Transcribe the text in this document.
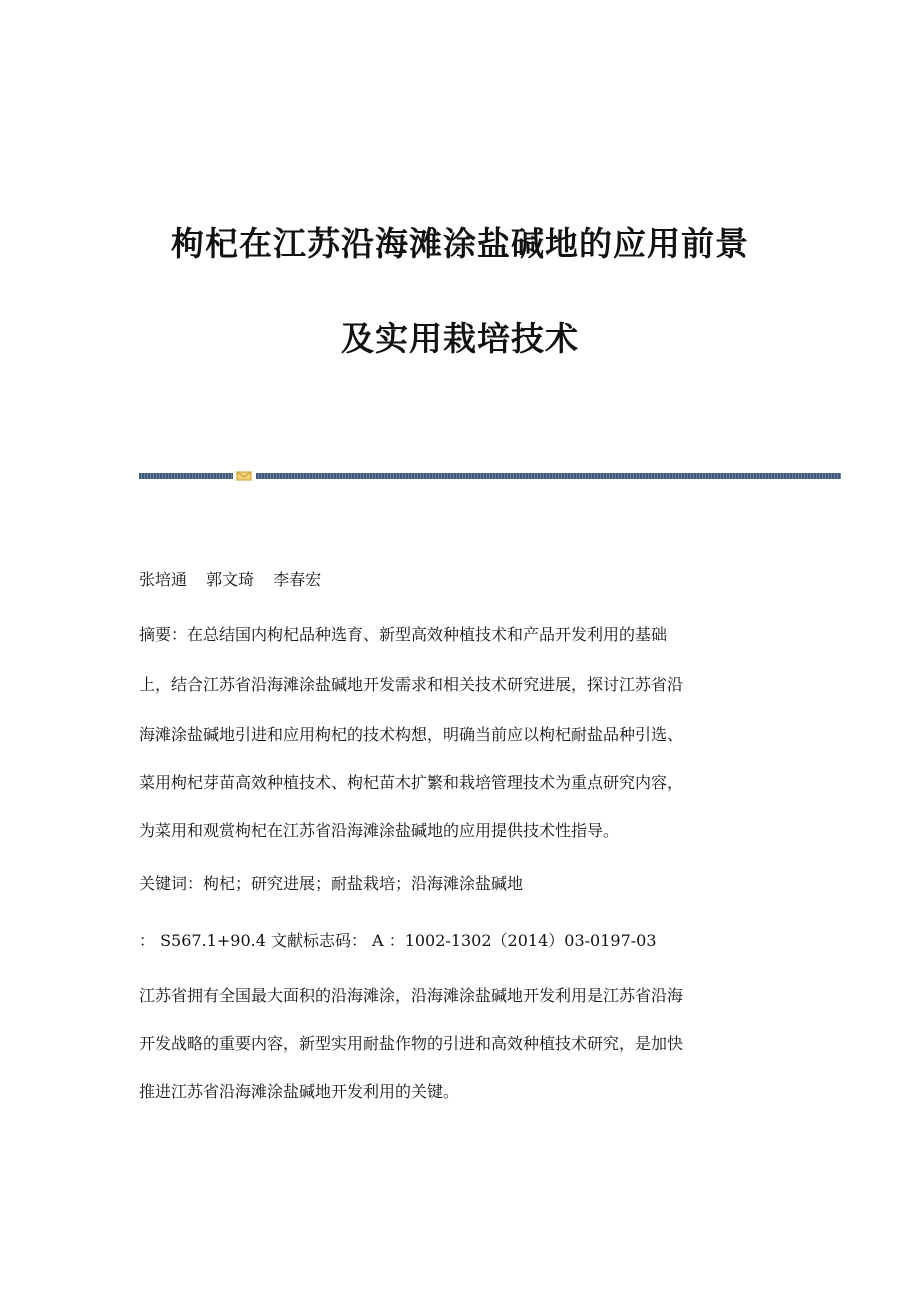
枸杞在江苏沿海滩涂盐碱地的应用前景
及实用栽培技术
张培通 郭文琦 李春宏
摘要：在总结国内枸杞品种选育、新型高效种植技术和产品开发利用的基础
上，结合江苏省沿海滩涂盐碱地开发需求和相关技术研究进展，探讨江苏省沿
海滩涂盐碱地引进和应用枸杞的技术构想，明确当前应以枸杞耐盐品种引选、
菜用枸杞芽苗高效种植技术、枸杞苗木扩繁和栽培管理技术为重点研究内容，
为菜用和观赏枸杞在江苏省沿海滩涂盐碱地的应用提供技术性指导。
关键词：枸杞；研究进展；耐盐栽培；沿海滩涂盐碱地
： S567.1+90.4 文献标志码： A ：1002-1302（2014）03-0197-03
江苏省拥有全国最大面积的沿海滩涂，沿海滩涂盐碱地开发利用是江苏省沿海
开发战略的重要内容，新型实用耐盐作物的引进和高效种植技术研究，是加快
推进江苏省沿海滩涂盐碱地开发利用的关键。
